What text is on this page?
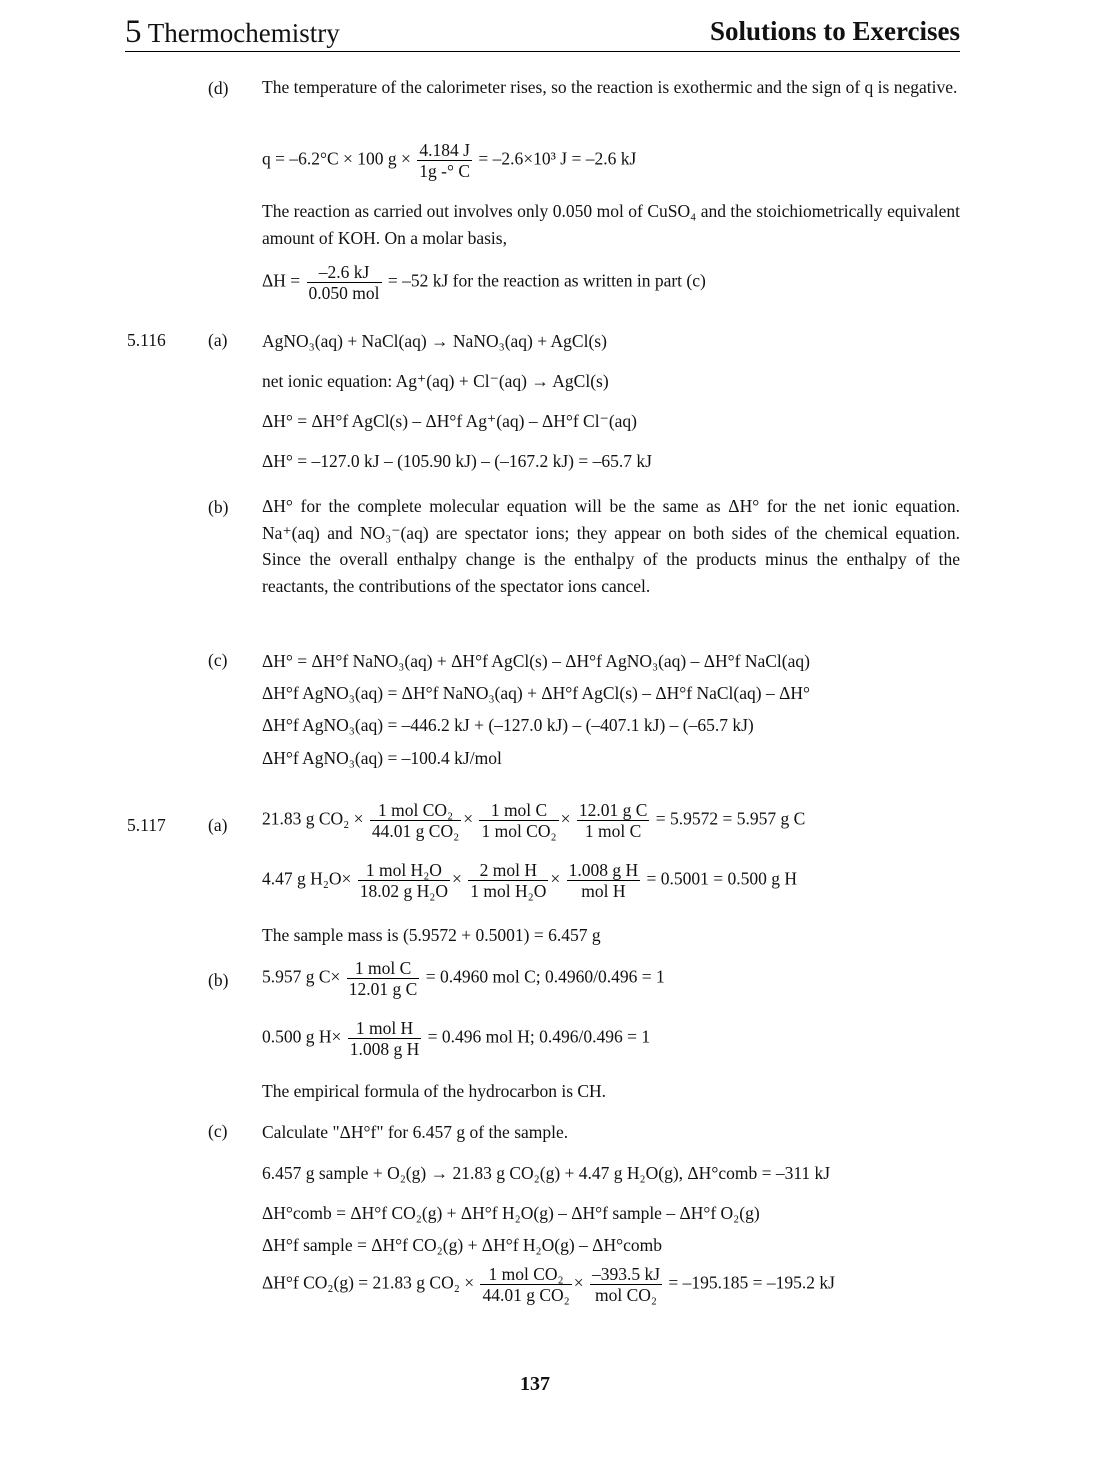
5 Thermochemistry	Solutions to Exercises
(d) The temperature of the calorimeter rises, so the reaction is exothermic and the sign of q is negative.
q = –6.2°C × 100 $g \times \frac{4.184 J}{1g -^\circ C} = -2.6\times 10^3$ J = –2.6 kJ
The reaction as carried out involves only 0.050 mol of CuSO₄ and the stoichiometrically equivalent amount of KOH. On a molar basis,
$\Delta H = \frac{-2.6 kJ}{\text{0.050 mol}} = -52$ kJ for the reaction as written in part (c)
5.116 (a) AgNO₃(aq) + NaCl(aq) → NaNO₃(aq) + AgCl(s)
net ionic equation: Ag⁺(aq) + Cl⁻(aq) → AgCl(s)
ΔH° = ΔH°f AgCl(s) – ΔH°f Ag⁺(aq) – ΔH°f Cl⁻(aq)
ΔH° = –127.0 kJ – (105.90 kJ) – (–167.2 kJ) = –65.7 kJ
(b) ΔH° for the complete molecular equation will be the same as ΔH° for the net ionic equation. Na⁺(aq) and NO₃⁻(aq) are spectator ions; they appear on both sides of the chemical equation. Since the overall enthalpy change is the enthalpy of the products minus the enthalpy of the reactants, the contributions of the spectator ions cancel.
(c) ΔH° = ΔH°f NaNO₃(aq) + ΔH°f AgCl(s) – ΔH°f AgNO₃(aq) – ΔH°f NaCl(aq)
ΔH°f AgNO₃(aq) = ΔH°f NaNO₃(aq) + ΔH°f AgCl(s) – ΔH°f NaCl(aq) – ΔH°
ΔH°f AgNO₃(aq) = –446.2 kJ + (–127.0 kJ) – (–407.1 kJ) – (–65.7 kJ)
ΔH°f AgNO₃(aq) = –100.4 kJ/mol
5.117 (a) 21.83 g $CO_2 \times \frac{\text{1 mol CO₂}}{\text{44.01 g CO₂}} \times \frac{\text{1 mol C}}{\text{1 mol CO₂}} \times \frac{\text{12.01 g C}}{\text{1 mol C}} = 5.9572 = 5.957$ g C
4.47 g $H_2O\times \frac{\text{1 mol H₂O}}{\text{18.02 g H₂O}} \times \frac{\text{2 mol H}}{\text{1 mol H₂O}} \times \frac{\text{1.008 g H}}{\text{mol H}} = 0.5001 = 0.500$ g H
The sample mass is (5.9572 + 0.5001) = 6.457 g
(b) 5.957 g $C\times \frac{\text{1 mol C}}{\text{12.01 g C}} = 0.4960$ mol C; 0.4960/0.496 = 1
0.500 g $H\times \frac{\text{1 mol H}}{\text{1.008 g H}} = 0.496$ mol H; 0.496/0.496 = 1
The empirical formula of the hydrocarbon is CH.
(c) Calculate "ΔH°f" for 6.457 g of the sample.
6.457 g sample + O₂(g) → 21.83 g CO₂(g) + 4.47 g H₂O(g), ΔH°comb = –311 kJ
ΔH°comb = ΔH°f CO₂(g) + ΔH°f H₂O(g) – ΔH°f sample – ΔH°f O₂(g)
ΔH°f sample = ΔH°f CO₂(g) + ΔH°f H₂O(g) – ΔH°comb
ΔH°f CO₂(g) = 21.83 g $CO_2 \times \frac{\text{1 mol CO₂}}{\text{44.01 g CO₂}} \times \frac{-393.5 kJ}{\text{mol CO₂}} = -195.185 = -195.2$ kJ
137
